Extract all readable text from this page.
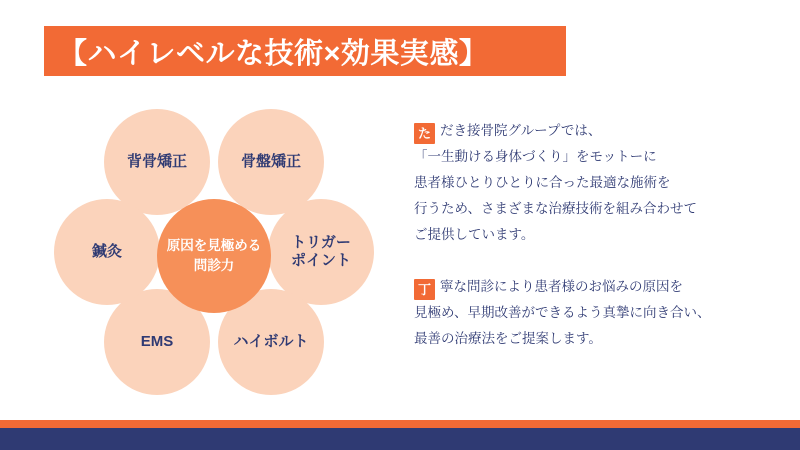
【ハイレベルな技術×効果実感】
背骨矯正	骨盤矯正
トリガー
ポイント
ハイボルト
EMS
鍼灸	原因を見極める
問診力
た だき接骨院グループでは、
「一生動ける身体づくり」をモットーに
患者様ひとりひとりに合った最適な施術を
行うため、さまざまな治療技術を組み合わせて
ご提供しています。
丁 寧な問診により患者様のお悩みの原因を
見極め、早期改善ができるよう真摯に向き合い、
最善の治療法をご提案します。
